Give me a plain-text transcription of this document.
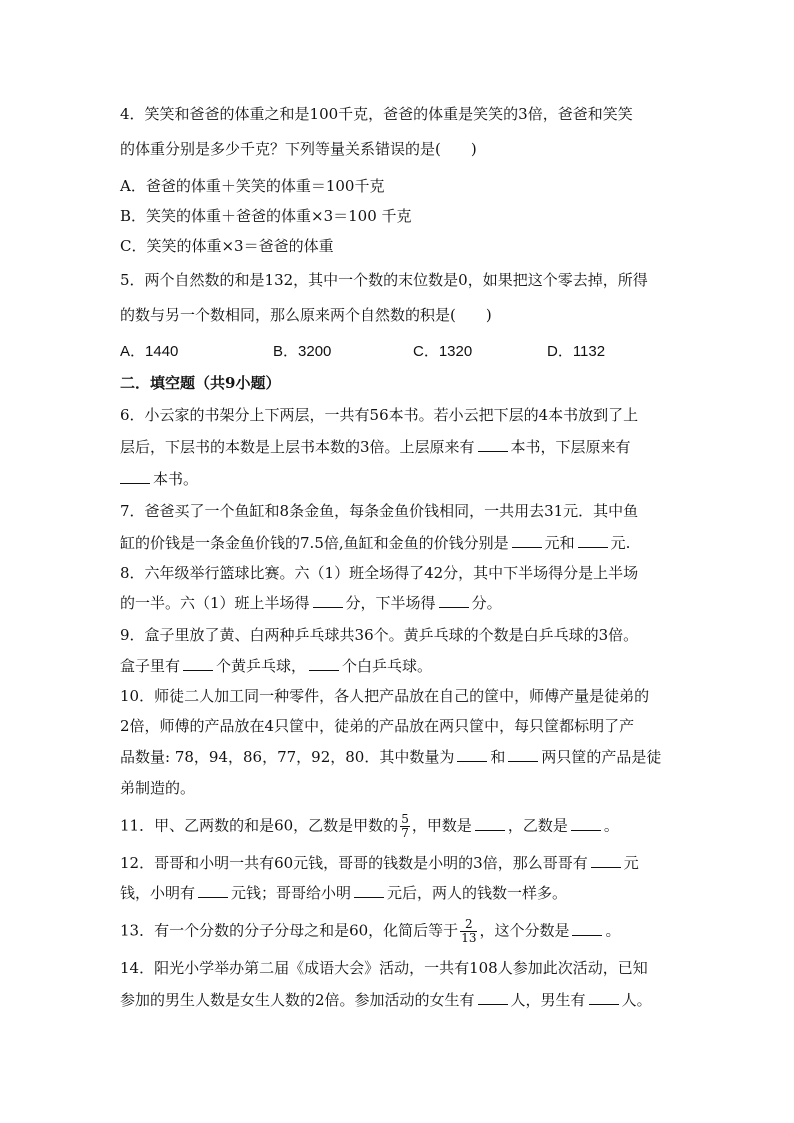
4．笑笑和爸爸的体重之和是100千克，爸爸的体重是笑笑的3倍，爸爸和笑笑
的体重分别是多少千克？下列等量关系错误的是(　　)
A．爸爸的体重＋笑笑的体重＝100千克
B．笑笑的体重＋爸爸的体重×3＝100 千克
C．笑笑的体重×3＝爸爸的体重
5．两个自然数的和是132，其中一个数的末位数是0，如果把这个零去掉，所得
的数与另一个数相同，那么原来两个自然数的积是(　　)
A．1440	B．3200	C．1320	D．1132
二．填空题（共9小题）
6．小云家的书架分上下两层，一共有56本书。若小云把下层的4本书放到了上
层后，下层书的本数是上层书本数的3倍。上层原来有 本书，下层原来有
本书。
7．爸爸买了一个鱼缸和8条金鱼，每条金鱼价钱相同，一共用去31元．其中鱼
缸的价钱是一条金鱼价钱的7.5倍,鱼缸和金鱼的价钱分别是 元和 元.
8．六年级举行篮球比赛。六（1）班全场得了42分，其中下半场得分是上半场
的一半。六（1）班上半场得 分，下半场得 分。
9．盒子里放了黄、白两种乒乓球共36个。黄乒乓球的个数是白乒乓球的3倍。
盒子里有 个黄乒乓球， 个白乒乓球。
10．师徒二人加工同一种零件，各人把产品放在自己的筐中，师傅产量是徒弟的
2倍，师傅的产品放在4只筐中，徒弟的产品放在两只筐中，每只筐都标明了产
品数量: 78，94，86，77，92，80．其中数量为 和 两只筐的产品是徒
弟制造的。
11．甲、乙两数的和是60，乙数是甲数的 $\frac{5}{7}$ ，甲数是 ，乙数是 。
12．哥哥和小明一共有60元钱，哥哥的钱数是小明的3倍，那么哥哥有 元
钱，小明有 元钱；哥哥给小明 元后，两人的钱数一样多。
13．有一个分数的分子分母之和是60，化简后等于 $\frac{2}{13}$ ，这个分数是 。
14．阳光小学举办第二届《成语大会》活动，一共有108人参加此次活动，已知
参加的男生人数是女生人数的2倍。参加活动的女生有 人，男生有 人。
